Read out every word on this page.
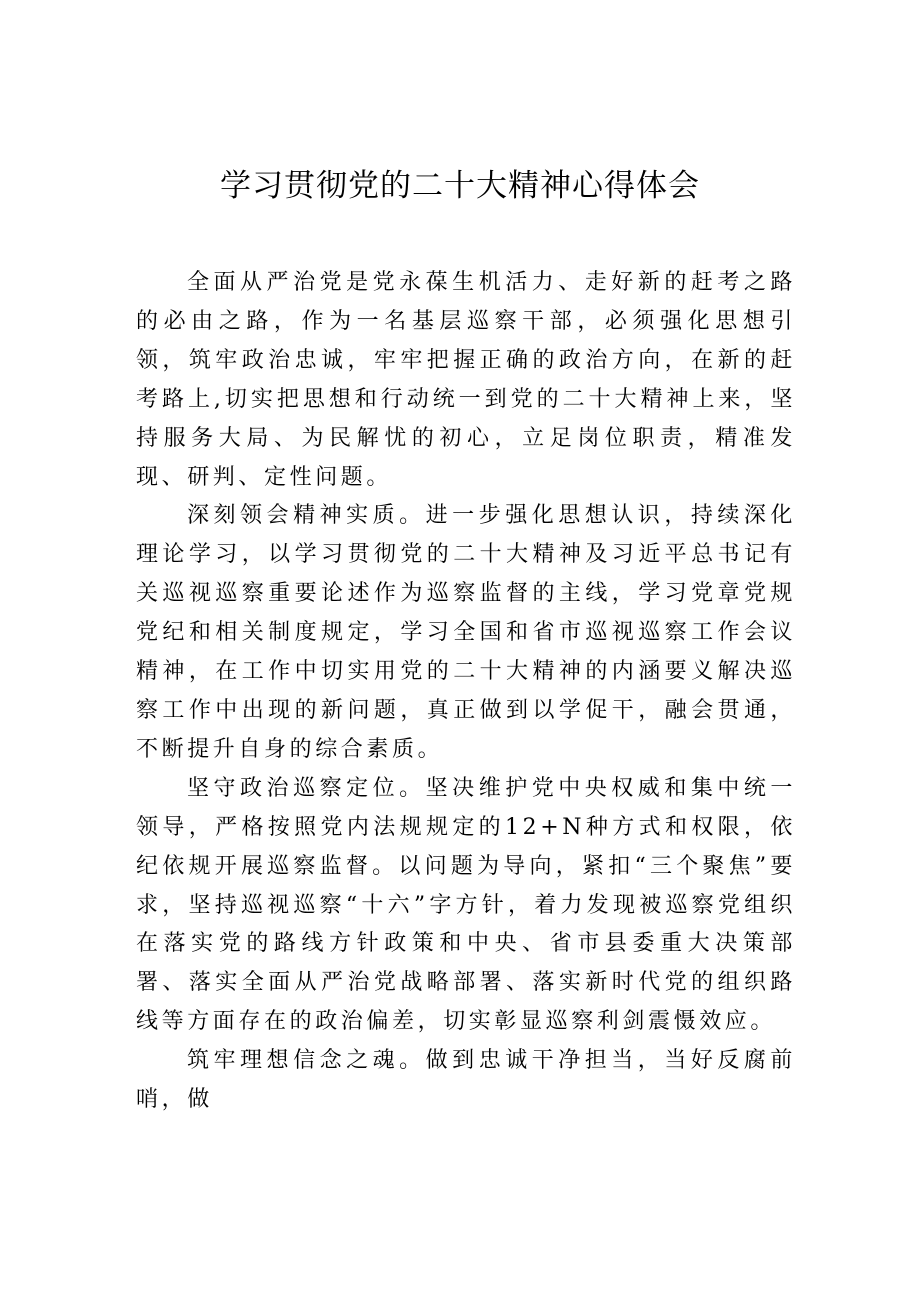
学习贯彻党的二十大精神心得体会

全面从严治党是党永葆生机活力、走好新的赶考之路的必由之路，作为一名基层巡察干部，必须强化思想引领，筑牢政治忠诚，牢牢把握正确的政治方向，在新的赶考路上,切实把思想和行动统一到党的二十大精神上来，坚持服务大局、为民解忧的初心，立足岗位职责，精准发现、研判、定性问题。

深刻领会精神实质。进一步强化思想认识，持续深化理论学习，以学习贯彻党的二十大精神及习近平总书记有关巡视巡察重要论述作为巡察监督的主线，学习党章党规党纪和相关制度规定，学习全国和省市巡视巡察工作会议精神，在工作中切实用党的二十大精神的内涵要义解决巡察工作中出现的新问题，真正做到以学促干，融会贯通，不断提升自身的综合素质。

坚守政治巡察定位。坚决维护党中央权威和集中统一领导，严格按照党内法规规定的12+N种方式和权限，依纪依规开展巡察监督。以问题为导向，紧扣“三个聚焦”要求，坚持巡视巡察“十六”字方针，着力发现被巡察党组织在落实党的路线方针政策和中央、省市县委重大决策部署、落实全面从严治党战略部署、落实新时代党的组织路线等方面存在的政治偏差，切实彰显巡察利剑震慑效应。

筑牢理想信念之魂。做到忠诚干净担当，当好反腐前哨，做
